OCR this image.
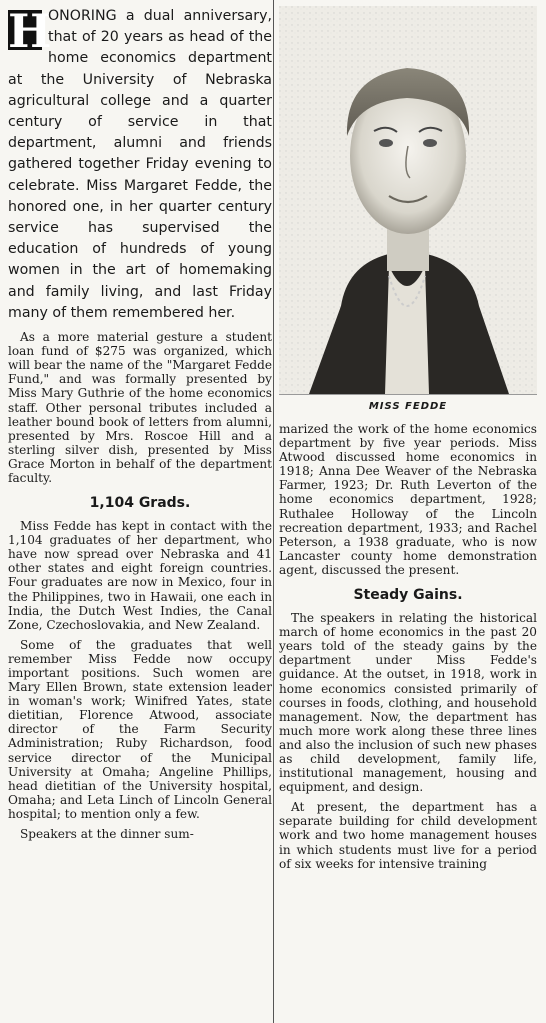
H
ONORING a dual anniversary, that of 20 years as head of the home economics department at the University of Nebraska agricultural college and a quarter century of service in that department, alumni and friends gathered together Friday evening to celebrate. Miss Margaret Fedde, the honored one, in her quarter century service has supervised the education of hundreds of young women in the art of homemaking and family living, and last Friday many of them remembered her.

As a more material gesture a student loan fund of $275 was organized, which will bear the name of the "Margaret Fedde Fund," and was formally presented by Miss Mary Guthrie of the home economics staff. Other personal tributes included a leather bound book of letters from alumni, presented by Mrs. Roscoe Hill and a sterling silver dish, presented by Miss Grace Morton in behalf of the department faculty.

1,104 Grads.

Miss Fedde has kept in contact with the 1,104 graduates of her department, who have now spread over Nebraska and 41 other states and eight foreign countries. Four graduates are now in Mexico, four in the Philippines, two in Hawaii, one each in India, the Dutch West Indies, the Canal Zone, Czechoslovakia, and New Zealand.

Some of the graduates that well remember Miss Fedde now occupy important positions. Such women are Mary Ellen Brown, state extension leader in woman's work; Winifred Yates, state dietitian, Florence Atwood, associate director of the Farm Security Administration; Ruby Richardson, food service director of the Municipal University at Omaha; Angeline Phillips, head dietitian of the University hospital, Omaha; and Leta Linch of Lincoln General hospital; to mention only a few.

Speakers at the dinner sum-

MISS FEDDE

marized the work of the home economics department by five year periods. Miss Atwood discussed home economics in 1918; Anna Dee Weaver of the Nebraska Farmer, 1923; Dr. Ruth Leverton of the home economics department, 1928; Ruthalee Holloway of the Lincoln recreation department, 1933; and Rachel Peterson, a 1938 graduate, who is now Lancaster county home demonstration agent, discussed the present.

Steady Gains.

The speakers in relating the historical march of home economics in the past 20 years told of the steady gains by the department under Miss Fedde's guidance. At the outset, in 1918, work in home economics consisted primarily of courses in foods, clothing, and household management. Now, the department has much more work along these three lines and also the inclusion of such new phases as child development, family life, institutional management, housing and equipment, and design.

At present, the department has a separate building for child development work and two home management houses in which students must live for a period of six weeks for intensive training
